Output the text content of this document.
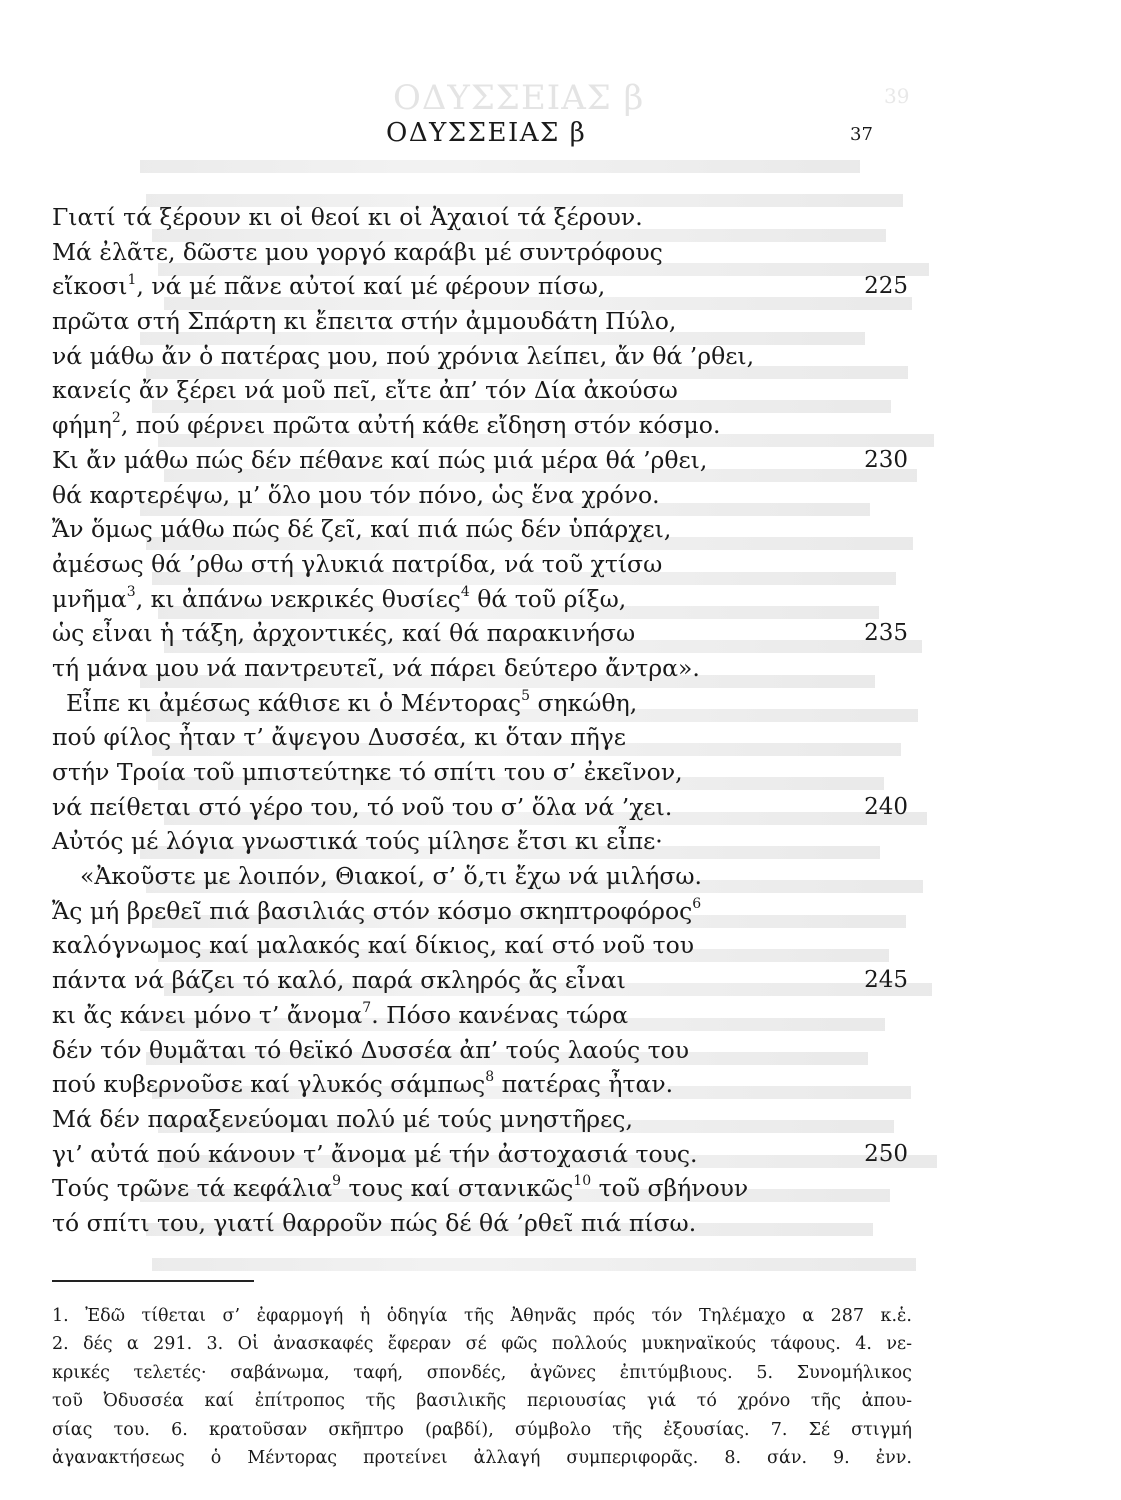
ΟΔΥΣΣΕΙΑΣ β	39
ΟΔΥΣΣΕΙΑΣ β	37
Γιατί τά ξέρουν κι οἱ θεοί κι οἱ Ἀχαιοί τά ξέρουν.
Μά ἐλᾶτε, δῶστε μου γοργό καράβι μέ συντρόφους
εἴκοσι$^1$, νά μέ πᾶνε αὐτοί καί μέ φέρουν πίσω,	225
πρῶτα στή Σπάρτη κι ἔπειτα στήν ἀμμουδάτη Πύλο,
νά μάθω ἄν ὁ πατέρας μου, πού χρόνια λείπει, ἄν θά ’ρθει,
κανείς ἄν ξέρει νά μοῦ πεῖ, εἴτε ἀπ’ τόν Δία ἀκούσω
φήμη$^2$, πού φέρνει πρῶτα αὐτή κάθε εἴδηση στόν κόσμο.
Κι ἄν μάθω πώς δέν πέθανε καί πώς μιά μέρα θά ’ρθει,	230
θά καρτερέψω, μ’ ὅλο μου τόν πόνο, ὡς ἕνα χρόνο.
Ἄν ὅμως μάθω πώς δέ ζεῖ, καί πιά πώς δέν ὑπάρχει,
ἀμέσως θά ’ρθω στή γλυκιά πατρίδα, νά τοῦ χτίσω
μνῆμα$^3$, κι ἀπάνω νεκρικές θυσίες$^4$ θά τοῦ ρίξω,
ὡς εἶναι ἡ τάξη, ἀρχοντικές, καί θά παρακινήσω	235
τή μάνα μου νά παντρευτεῖ, νά πάρει δεύτερο ἄντρα».
Εἶπε κι ἀμέσως κάθισε κι ὁ Μέντορας$^5$ σηκώθη,
πού φίλος ἦταν τ’ ἄψεγου Δυσσέα, κι ὅταν πῆγε
στήν Τροία τοῦ μπιστεύτηκε τό σπίτι του σ’ ἐκεῖνον,
νά πείθεται στό γέρο του, τό νοῦ του σ’ ὅλα νά ’χει.	240
Αὐτός μέ λόγια γνωστικά τούς μίλησε ἔτσι κι εἶπε·
«Ἀκοῦστε με λοιπόν, Θιακοί, σ’ ὅ,τι ἔχω νά μιλήσω.
Ἄς μή βρεθεῖ πιά βασιλιάς στόν κόσμο σκηπτροφόρος$^6$
καλόγνωμος καί μαλακός καί δίκιος, καί στό νοῦ του
πάντα νά βάζει τό καλό, παρά σκληρός ἄς εἶναι	245
κι ἄς κάνει μόνο τ’ ἄνομα$^7$. Πόσο κανένας τώρα
δέν τόν θυμᾶται τό θεϊκό Δυσσέα ἀπ’ τούς λαούς του
πού κυβερνοῦσε καί γλυκός σάμπως$^8$ πατέρας ἦταν.
Μά δέν παραξενεύομαι πολύ μέ τούς μνηστῆρες,
γι’ αὐτά πού κάνουν τ’ ἄνομα μέ τήν ἀστοχασιά τους.	250
Τούς τρῶνε τά κεφάλια$^9$ τους καί στανικῶς$^{10}$ τοῦ σβήνουν
τό σπίτι του, γιατί θαρροῦν πώς δέ θά ’ρθεῖ πιά πίσω.
1. Ἐδῶ τίθεται σ’ ἐφαρμογή ἡ ὁδηγία τῆς Ἀθηνᾶς πρός τόν Τηλέμαχο α 287 κ.ἑ.
2. δές α 291. 3. Οἱ ἀνασκαφές ἔφεραν σέ φῶς πολλούς μυκηναϊκούς τάφους. 4. νε-
κρικές τελετές· σαβάνωμα, ταφή, σπονδές, ἀγῶνες ἐπιτύμβιους. 5. Συνομήλικος
τοῦ Ὀδυσσέα καί ἐπίτροπος τῆς βασιλικῆς περιουσίας γιά τό χρόνο τῆς ἀπου-
σίας του. 6. κρατοῦσαν σκῆπτρο (ραβδί), σύμβολο τῆς ἐξουσίας. 7. Σέ στιγμή
ἀγανακτήσεως ὁ Μέντορας προτείνει ἀλλαγή συμπεριφορᾶς. 8. σάν. 9. ἐνν.
